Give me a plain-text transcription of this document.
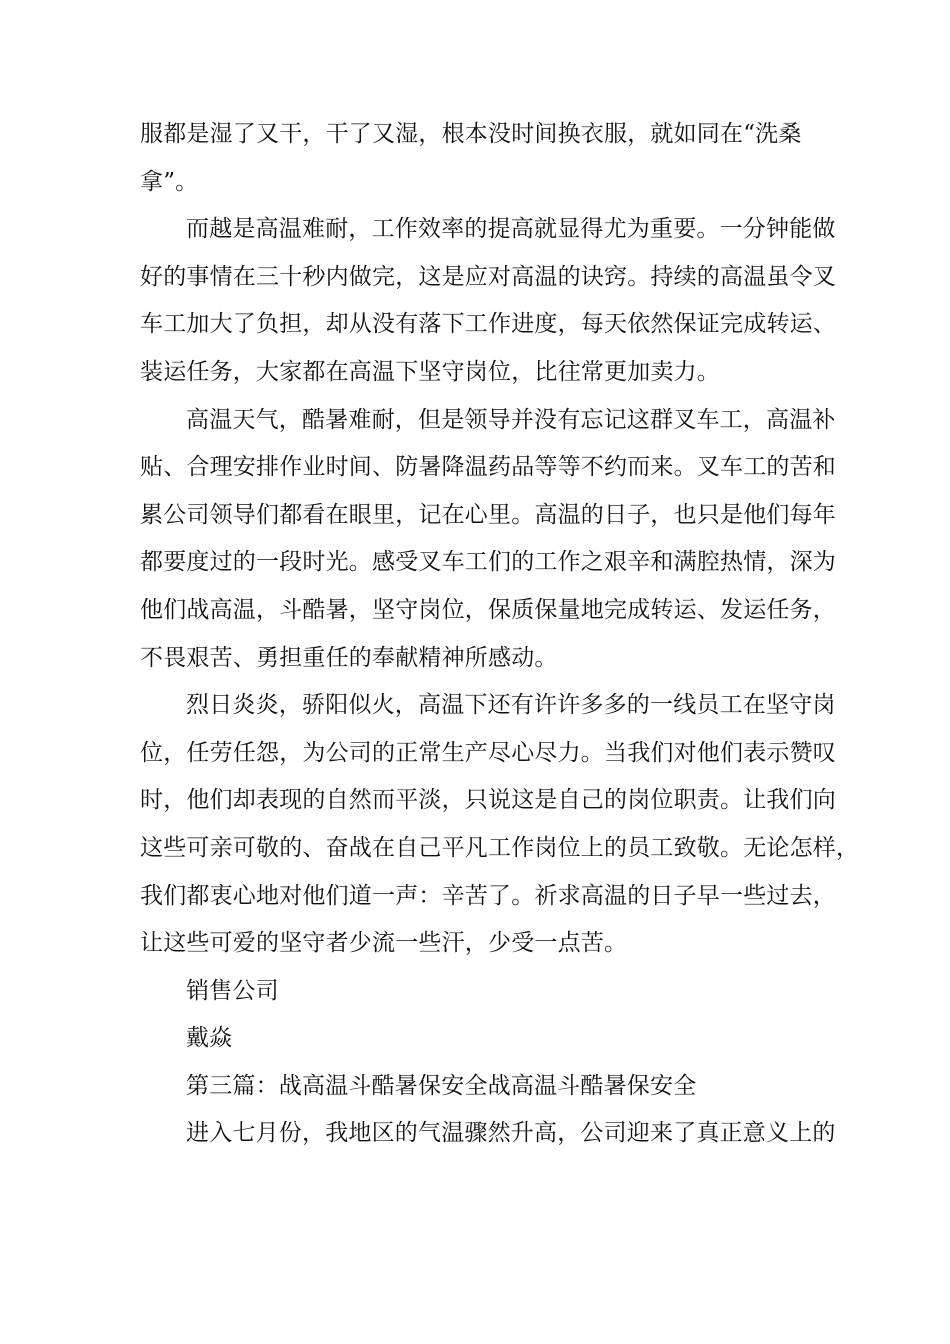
服都是湿了又干，干了又湿，根本没时间换衣服，就如同在“洗桑
拿”。
而越是高温难耐，工作效率的提高就显得尤为重要。一分钟能做
好的事情在三十秒内做完，这是应对高温的诀窍。持续的高温虽令叉
车工加大了负担，却从没有落下工作进度，每天依然保证完成转运、
装运任务，大家都在高温下坚守岗位，比往常更加卖力。
高温天气，酷暑难耐，但是领导并没有忘记这群叉车工，高温补
贴、合理安排作业时间、防暑降温药品等等不约而来。叉车工的苦和
累公司领导们都看在眼里，记在心里。高温的日子，也只是他们每年
都要度过的一段时光。感受叉车工们的工作之艰辛和满腔热情，深为
他们战高温，斗酷暑，坚守岗位，保质保量地完成转运、发运任务，
不畏艰苦、勇担重任的奉献精神所感动。
烈日炎炎，骄阳似火，高温下还有许许多多的一线员工在坚守岗
位，任劳任怨，为公司的正常生产尽心尽力。当我们对他们表示赞叹
时，他们却表现的自然而平淡，只说这是自己的岗位职责。让我们向
这些可亲可敬的、奋战在自己平凡工作岗位上的员工致敬。无论怎样，
我们都衷心地对他们道一声：辛苦了。祈求高温的日子早一些过去，
让这些可爱的坚守者少流一些汗，少受一点苦。
销售公司
戴焱
第三篇：战高温斗酷暑保安全战高温斗酷暑保安全
进入七月份，我地区的气温骤然升高，公司迎来了真正意义上的
